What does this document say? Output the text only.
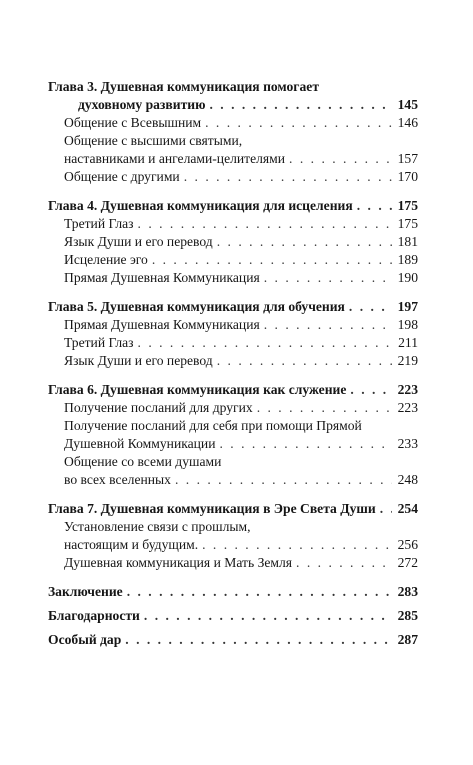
Глава 3. Душевная коммуникация помогает
духовному развитию . . .	145
Общение с Всевышним . . .	146
Общение с высшими святыми,
наставниками и ангелами-целителями . . .	157
Общение с другими . . .	170
Глава 4. Душевная коммуникация для исцеления . . .	175
Третий Глаз . . .	175
Язык Души и его перевод . . .	181
Исцеление эго . . .	189
Прямая Душевная Коммуникация . . .	190
Глава 5. Душевная коммуникация для обучения . . .	197
Прямая Душевная Коммуникация . . .	198
Третий Глаз . . .	211
Язык Души и его перевод . . .	219
Глава 6. Душевная коммуникация как служение . . .	223
Получение посланий для других . . .	223
Получение посланий для себя при помощи Прямой
Душевной Коммуникации . . .	233
Общение со всеми душами
во всех вселенных . . .	248
Глава 7. Душевная коммуникация в Эре Света Души . . . 254
Установление связи с прошлым,
настоящим и будущим. . . .	256
Душевная коммуникация и Мать Земля . . .	272
Заключение . . .	283
Благодарности . . .	285
Особый дар . . .	287
